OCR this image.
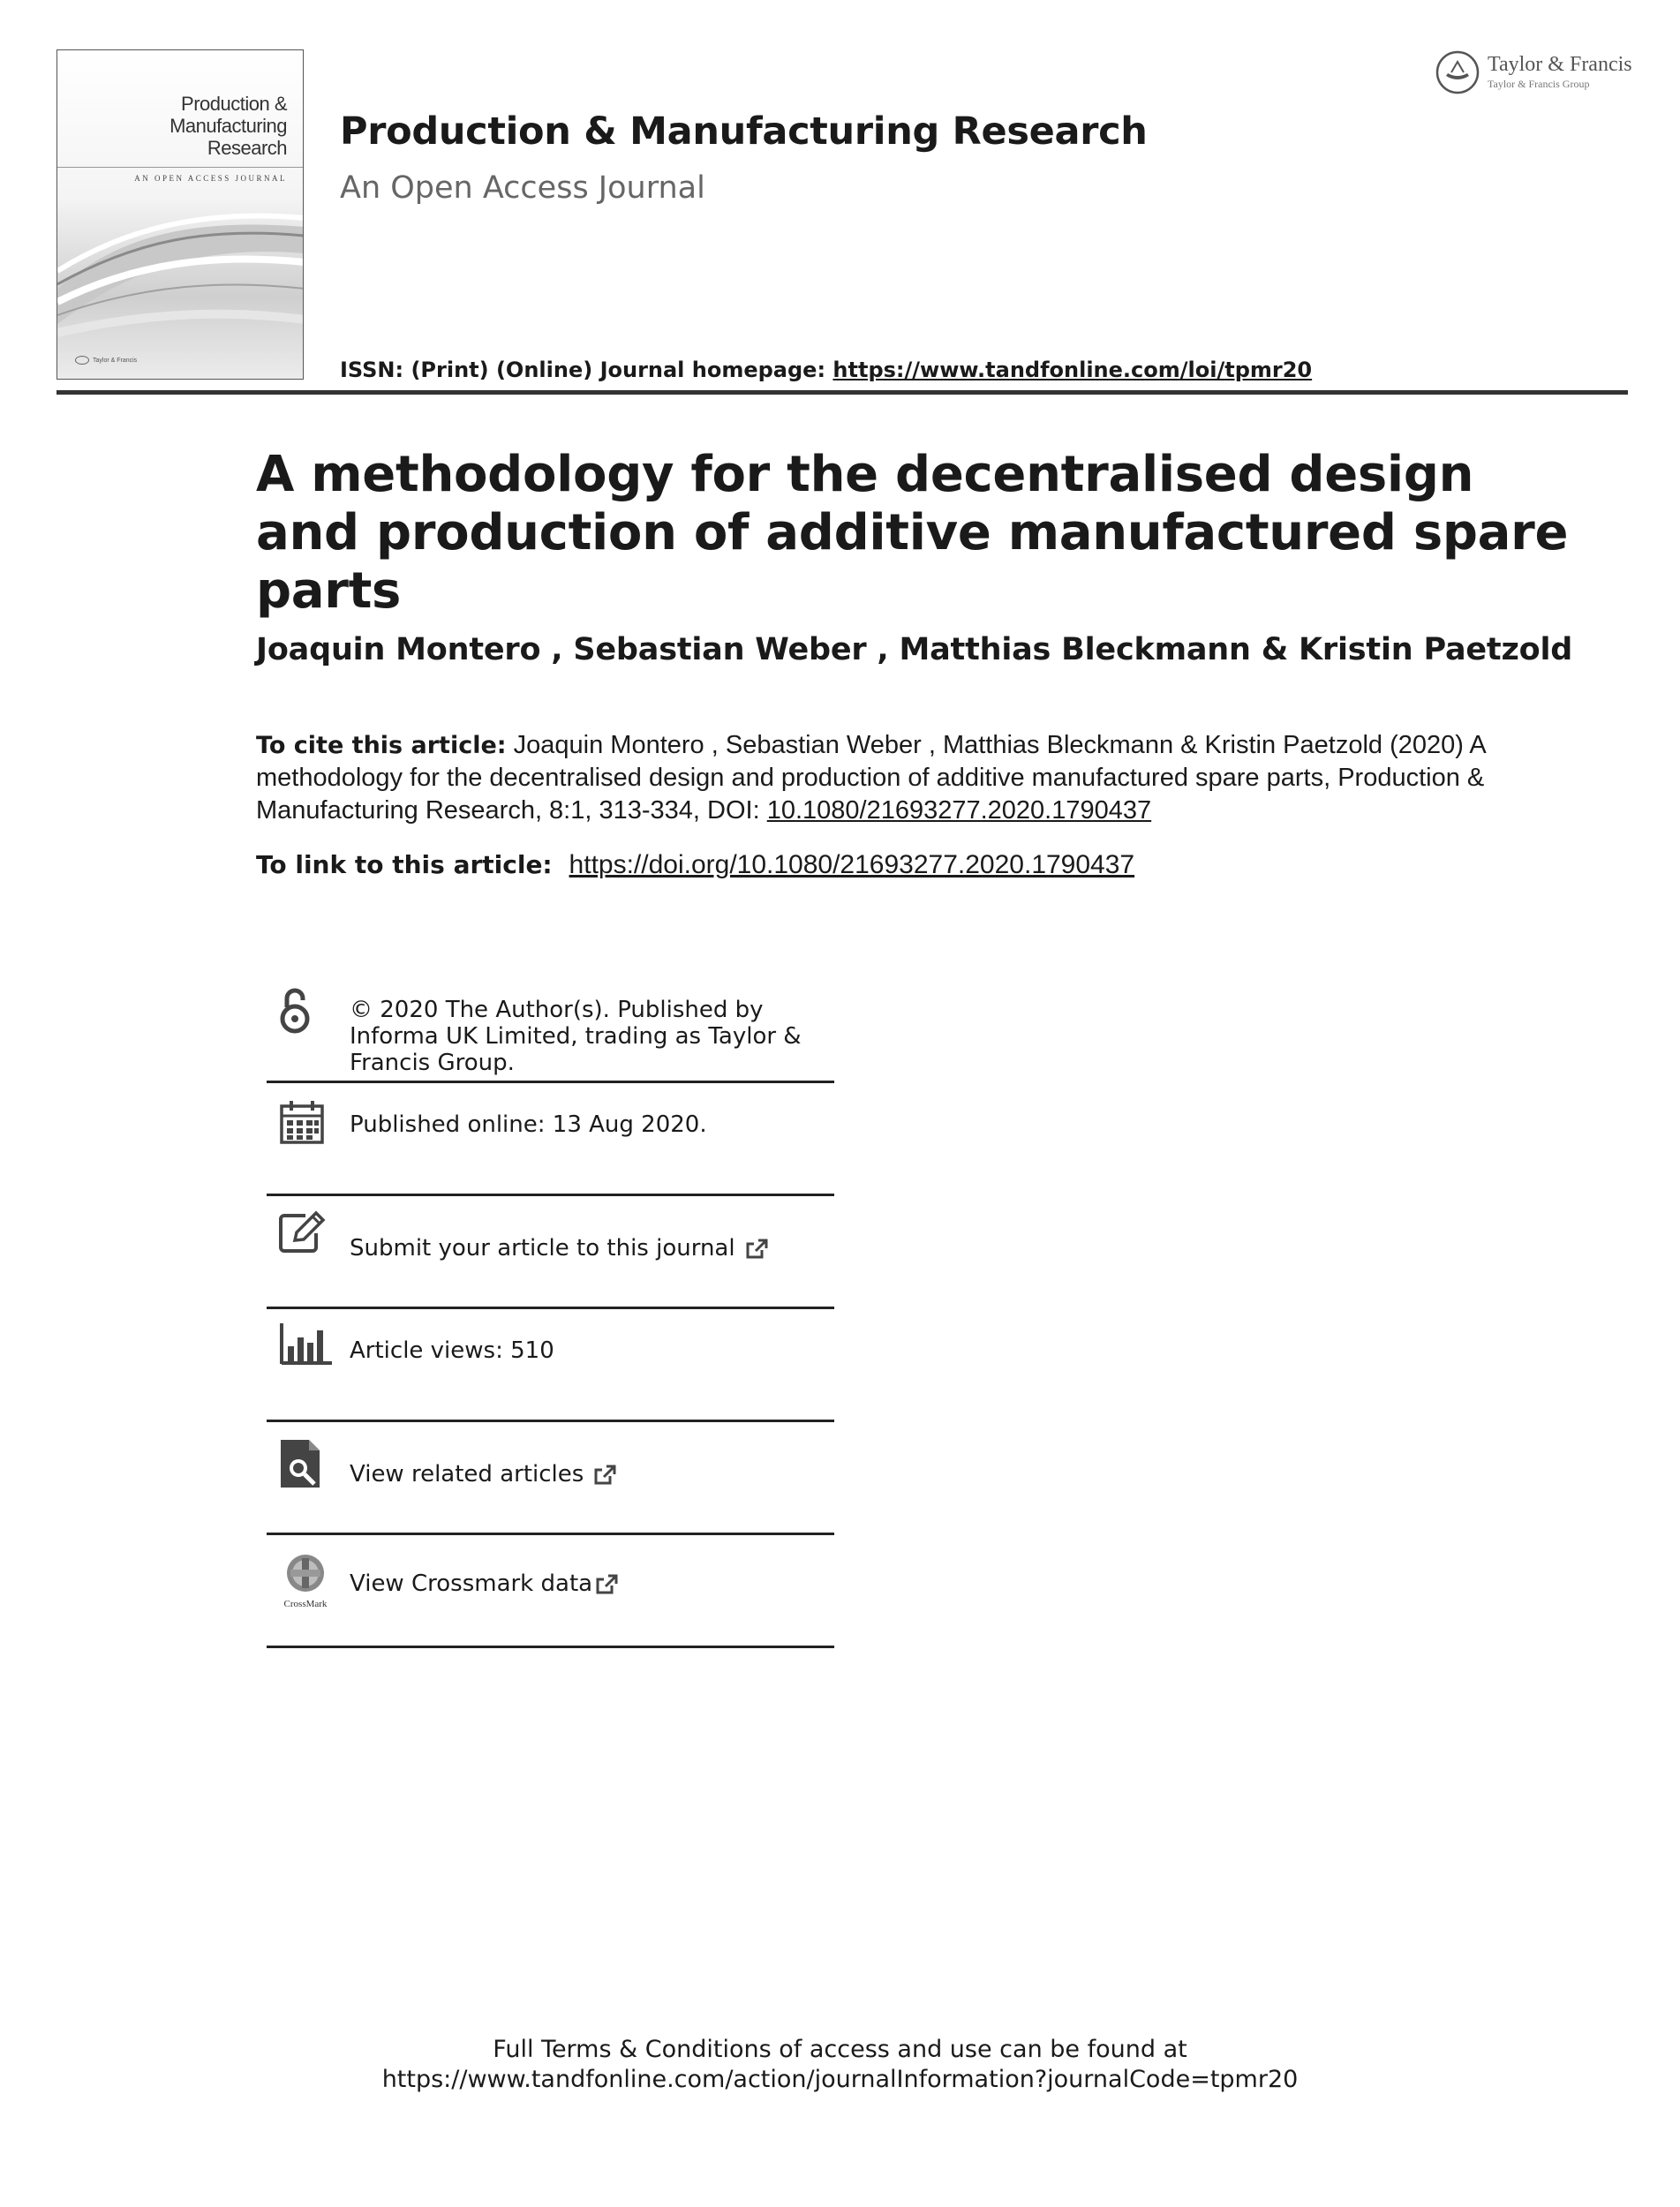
Production &
Manufacturing
Research
AN OPEN ACCESS JOURNAL
Taylor & Francis
Production & Manufacturing Research
An Open Access Journal
ISSN: (Print) (Online) Journal homepage: https://www.tandfonline.com/loi/tpmr20
Taylor & Francis
Taylor & Francis Group
A methodology for the decentralised design and production of additive manufactured spare parts
Joaquin Montero , Sebastian Weber , Matthias Bleckmann & Kristin Paetzold
To cite this article: Joaquin Montero , Sebastian Weber , Matthias Bleckmann & Kristin Paetzold (2020) A methodology for the decentralised design and production of additive manufactured spare parts, Production & Manufacturing Research, 8:1, 313-334, DOI: 10.1080/21693277.2020.1790437
To link to this article: https://doi.org/10.1080/21693277.2020.1790437
© 2020 The Author(s). Published by Informa UK Limited, trading as Taylor & Francis Group.
Published online: 13 Aug 2020.
Submit your article to this journal
Article views: 510
View related articles
CrossMark
View Crossmark data
Full Terms & Conditions of access and use can be found at
https://www.tandfonline.com/action/journalInformation?journalCode=tpmr20
